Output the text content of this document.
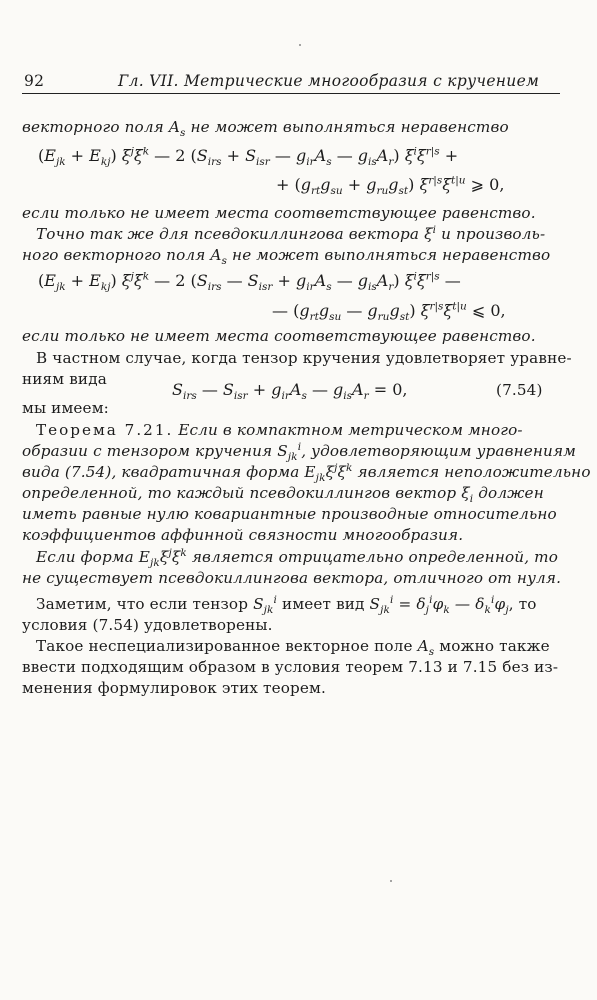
92	Гл. VII. Метрические многообразия с кручением
векторного поля $A_s$ не может выполняться неравенство
$(E_{jk} + E_{kj})$ $\xi^j\xi^k$ — 2 ($S_{irs} + S_{isr}$ — $g_{ir}A_s$ — $g_{is}A_r$) $\xi^i\xi^{r|s}$ +
+ $(g_{rt}g_{su} + g_{ru}g_{st})$ $\xi^{r|s}\xi^{t|u}$ ⩾ 0,
если только не имеет места соответствующее равенство.
Точно так же для псевдокиллингова вектора $\xi^i$ и произволь-
ного векторного поля $A_s$ не может выполняться неравенство
$(E_{jk} + E_{kj})$ $\xi^j\xi^k$ — 2 ($S_{irs}$ — $S_{isr} + g_{ir}A_s$ — $g_{is}A_r$) $\xi^i\xi^{r|s}$ —
— ($g_{rt}g_{su}$ — $g_{ru}g_{st}$) $\xi^{r|s}\xi^{t|u}$ ⩽ 0,
если только не имеет места соответствующее равенство.
В частном случае, когда тензор кручения удовлетворяет уравне-
ниям вида
$S_{irs}$ — $S_{isr} + g_{ir}A_s$ — $g_{is}A_r = 0$,	(7.54)
мы имеем:
Теорема 7.21. Если в компактном метрическом много-
образии с тензором кручения $S_{jk}^i$, удовлетворяющим уравнениям
вида (7.54), квадратичная форма $E_{jk}\xi^j\xi^k$ является неположительно
определенной, то каждый псевдокиллингов вектор $\xi_i$ должен
иметь равные нулю ковариантные производные относительно
коэффициентов аффинной связности многообразия.
Если форма $E_{jk}\xi^j\xi^k$ является отрицательно определенной, то
не существует псевдокиллингова вектора, отличного от нуля.
Заметим, что если тензор $S_{jk}^i$ имеет вид $S_{jk}^i = \delta_j^i\varphi_k$ — $\delta_k^i\varphi_j$, то
условия (7.54) удовлетворены.
Такое неспециализированное векторное поле $A_s$ можно также
ввести подходящим образом в условия теорем 7.13 и 7.15 без из-
менения формулировок этих теорем.
